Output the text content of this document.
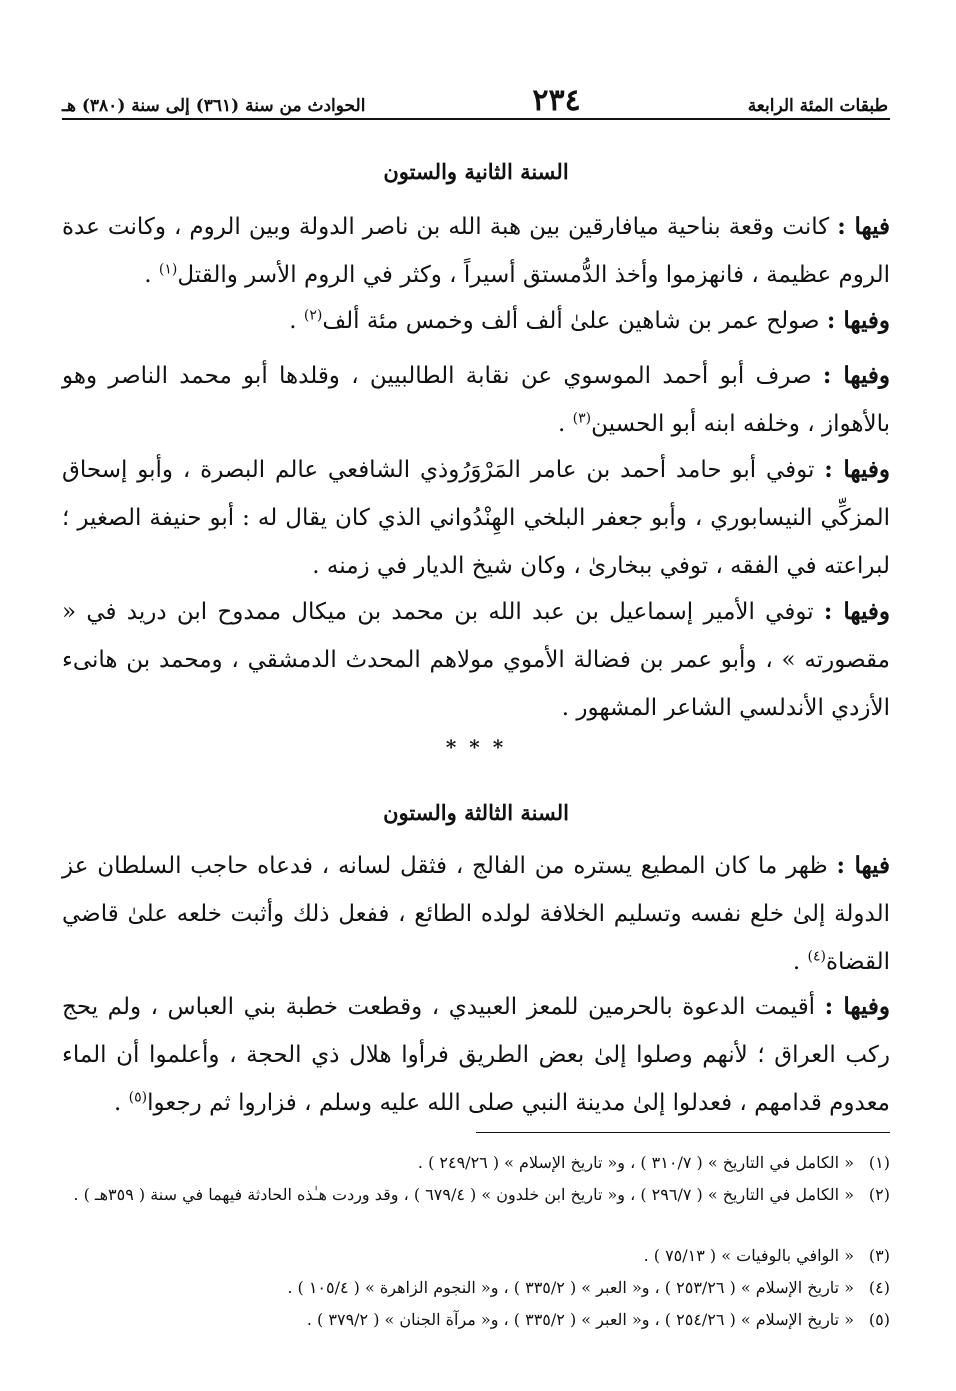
الحوادث من سنة (٣٦١) إلى سنة (٣٨٠) هـ	٢٣٤	طبقات المئة الرابعة
السنة الثانية والستون
فيها : كانت وقعة بناحية ميافارقين بين هبة الله بن ناصر الدولة وبين الروم ، وكانت عدة الروم عظيمة ، فانهزموا وأخذ الدُّمستق أسيراً ، وكثر في الروم الأسر والقتل$^{(١)}$ .
وفيها : صولح عمر بن شاهين علىٰ ألف ألف وخمس مئة ألف$^{(٢)}$ .
وفيها : صرف أبو أحمد الموسوي عن نقابة الطالبيين ، وقلدها أبو محمد الناصر وهو بالأهواز ، وخلفه ابنه أبو الحسين$^{(٣)}$ .
وفيها : توفي أبو حامد أحمد بن عامر المَرْوَرُوذي الشافعي عالم البصرة ، وأبو إسحاق المزكِّي النيسابوري ، وأبو جعفر البلخي الهِنْدُواني الذي كان يقال له : أبو حنيفة الصغير ؛ لبراعته في الفقه ، توفي ببخارىٰ ، وكان شيخ الديار في زمنه .
وفيها : توفي الأمير إسماعيل بن عبد الله بن محمد بن ميكال ممدوح ابن دريد في « مقصورته » ، وأبو عمر بن فضالة الأموي مولاهم المحدث الدمشقي ، ومحمد بن هانىء الأزدي الأندلسي الشاعر المشهور .
* * *
السنة الثالثة والستون
فيها : ظهر ما كان المطيع يستره من الفالج ، فثقل لسانه ، فدعاه حاجب السلطان عز الدولة إلىٰ خلع نفسه وتسليم الخلافة لولده الطائع ، ففعل ذلك وأثبت خلعه علىٰ قاضي القضاة$^{(٤)}$ .
وفيها : أقيمت الدعوة بالحرمين للمعز العبيدي ، وقطعت خطبة بني العباس ، ولم يحج ركب العراق ؛ لأنهم وصلوا إلىٰ بعض الطريق فرأوا هلال ذي الحجة ، وأعلموا أن الماء معدوم قدامهم ، فعدلوا إلىٰ مدينة النبي صلى الله عليه وسلم ، فزاروا ثم رجعوا$^{(٥)}$ .
(١)
« الكامل في التاريخ » ( ٣١٠/٧ ) ، و« تاريخ الإسلام » ( ٢٤٩/٢٦ ) .
(٢)
« الكامل في التاريخ » ( ٢٩٦/٧ ) ، و« تاريخ ابن خلدون » ( ٦٧٩/٤ ) ، وقد وردت هـٰذه الحادثة فيهما في سنة ( ٣٥٩هـ ) .
(٣)
« الوافي بالوفيات » ( ٧٥/١٣ ) .
(٤)
« تاريخ الإسلام » ( ٢٥٣/٢٦ ) ، و« العبر » ( ٣٣٥/٢ ) ، و« النجوم الزاهرة » ( ١٠٥/٤ ) .
(٥)
« تاريخ الإسلام » ( ٢٥٤/٢٦ ) ، و« العبر » ( ٣٣٥/٢ ) ، و« مرآة الجنان » ( ٣٧٩/٢ ) .
